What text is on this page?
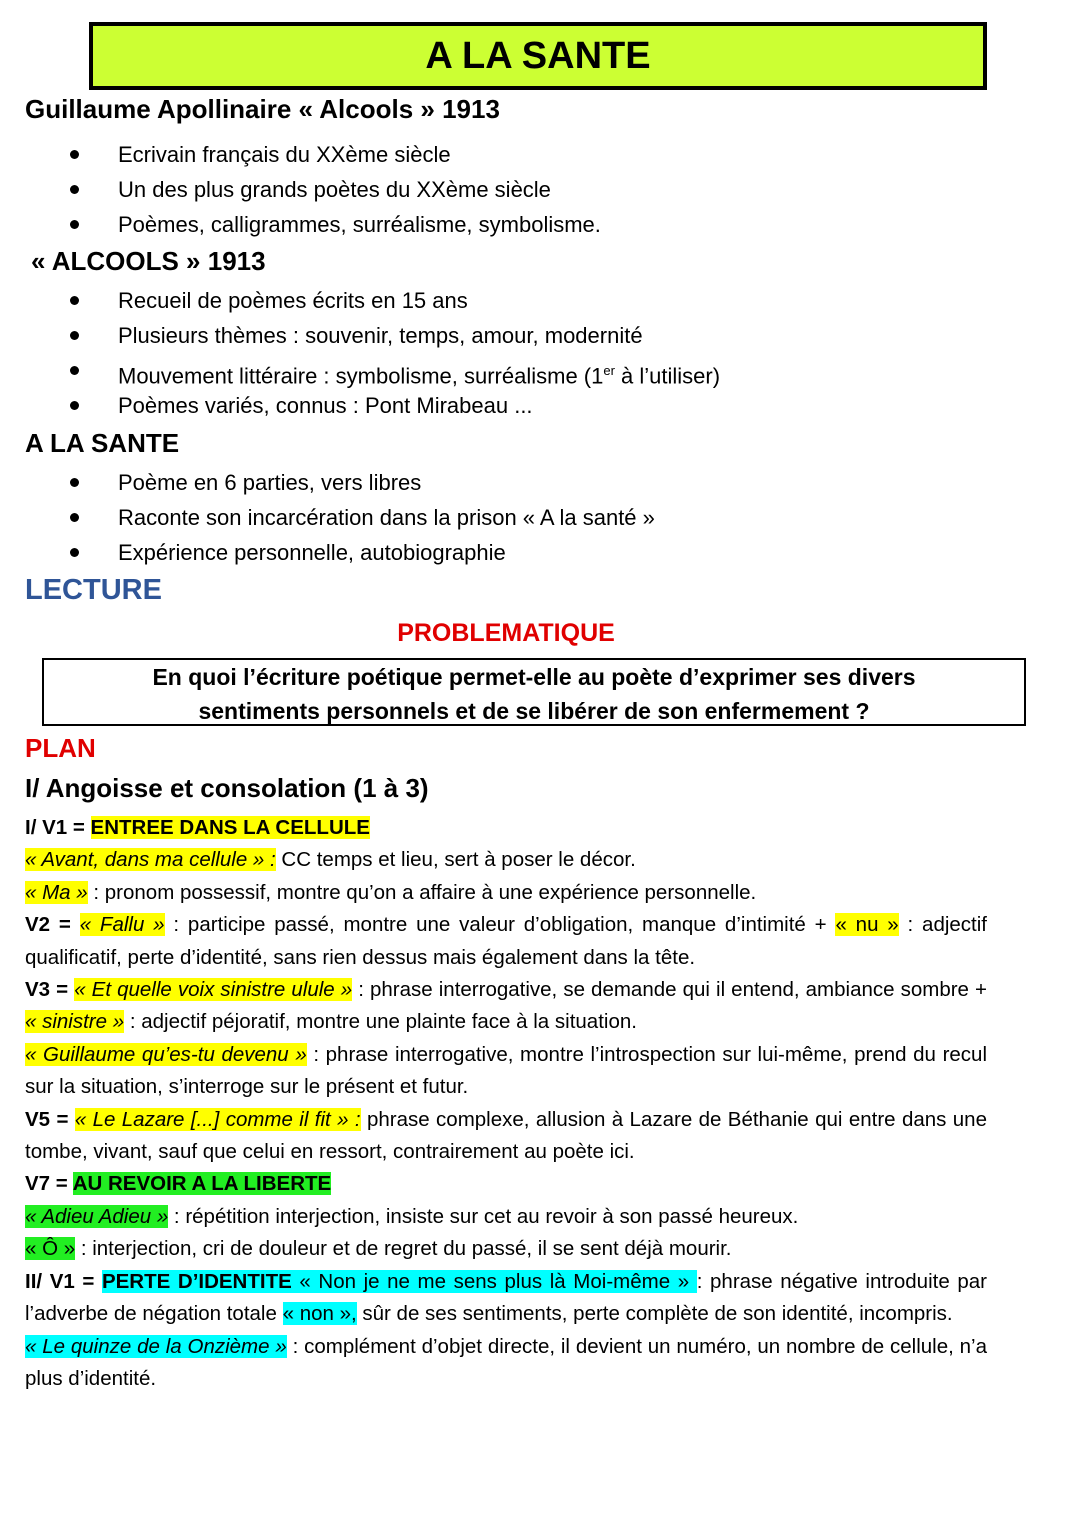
A LA SANTE
Guillaume Apollinaire « Alcools » 1913
Ecrivain français du XXème siècle
Un des plus grands poètes du XXème siècle
Poèmes, calligrammes, surréalisme, symbolisme.
« ALCOOLS » 1913
Recueil de poèmes écrits en 15 ans
Plusieurs thèmes : souvenir, temps, amour, modernité
Mouvement littéraire : symbolisme, surréalisme (1er à l’utiliser)
Poèmes variés, connus : Pont Mirabeau ...
A LA SANTE
Poème en 6 parties, vers libres
Raconte son incarcération dans la prison « A la santé »
Expérience personnelle, autobiographie
LECTURE
PROBLEMATIQUE
En quoi l’écriture poétique permet-elle au poète d’exprimer ses divers
sentiments personnels et de se libérer de son enfermement ?
PLAN
I/ Angoisse et consolation (1 à 3)

I/ V1 = ENTREE DANS LA CELLULE

« Avant, dans ma cellule » : CC temps et lieu, sert à poser le décor.

« Ma » : pronom possessif, montre qu’on a affaire à une expérience personnelle.

V2 = « Fallu » : participe passé, montre une valeur d’obligation, manque d’intimité + « nu » : adjectif qualificatif, perte d’identité, sans rien dessus mais également dans la tête.

V3 = « Et quelle voix sinistre ulule » : phrase interrogative, se demande qui il entend, ambiance sombre + « sinistre » : adjectif péjoratif, montre une plainte face à la situation.

« Guillaume qu’es-tu devenu » : phrase interrogative, montre l’introspection sur lui-même, prend du recul sur la situation, s’interroge sur le présent et futur.

V5 = « Le Lazare [...] comme il fit » : phrase complexe, allusion à Lazare de Béthanie qui entre dans une tombe, vivant, sauf que celui en ressort, contrairement au poète ici.

V7 = AU REVOIR A LA LIBERTE

« Adieu Adieu » : répétition interjection, insiste sur cet au revoir à son passé heureux.

« Ô » : interjection, cri de douleur et de regret du passé, il se sent déjà mourir.

II/ V1 = PERTE D’IDENTITE « Non je ne me sens plus là Moi-même » : phrase négative introduite par l’adverbe de négation totale « non », sûr de ses sentiments, perte complète de son identité, incompris.

« Le quinze de la Onzième » : complément d’objet directe, il devient un numéro, un nombre de cellule, n’a plus d’identité.
